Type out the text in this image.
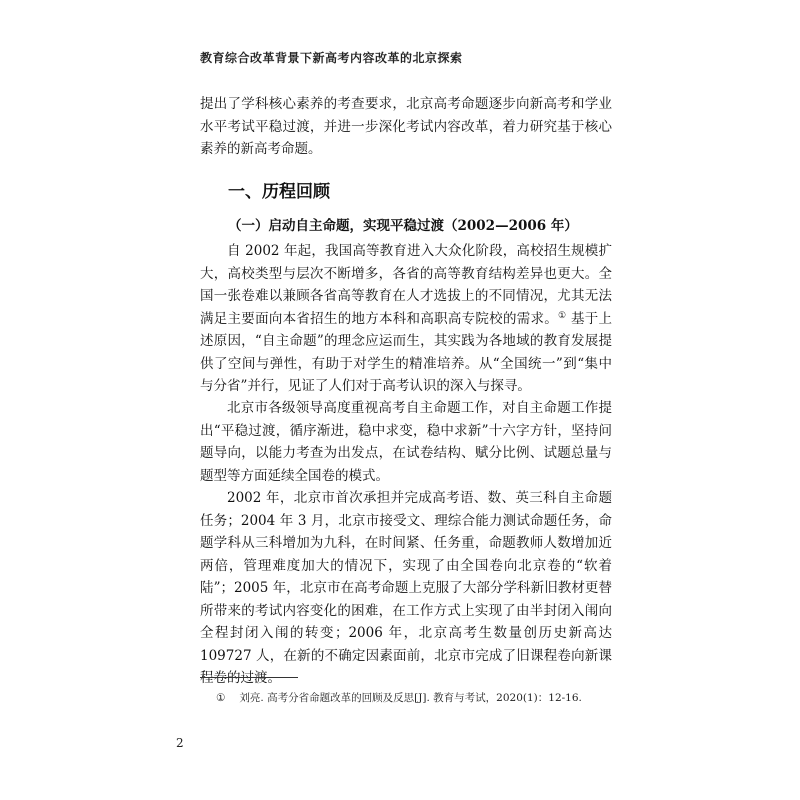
教育综合改革背景下新高考内容改革的北京探索

提出了学科核心素养的考查要求，北京高考命题逐步向新高考和学业水平考试平稳过渡，并进一步深化考试内容改革，着力研究基于核心素养的新高考命题。

一、历程回顾
（一）启动自主命题，实现平稳过渡（2002—2006 年）

自 2002 年起，我国高等教育进入大众化阶段，高校招生规模扩大，高校类型与层次不断增多，各省的高等教育结构差异也更大。全国一张卷难以兼顾各省高等教育在人才选拔上的不同情况，尤其无法满足主要面向本省招生的地方本科和高职高专院校的需求。① 基于上述原因，“自主命题”的理念应运而生，其实践为各地域的教育发展提供了空间与弹性，有助于对学生的精准培养。从“全国统一”到“集中与分省”并行，见证了人们对于高考认识的深入与探寻。

北京市各级领导高度重视高考自主命题工作，对自主命题工作提出“平稳过渡，循序渐进，稳中求变，稳中求新”十六字方针，坚持问题导向，以能力考查为出发点，在试卷结构、赋分比例、试题总量与题型等方面延续全国卷的模式。

2002 年，北京市首次承担并完成高考语、数、英三科自主命题任务；2004 年 3 月，北京市接受文、理综合能力测试命题任务，命题学科从三科增加为九科，在时间紧、任务重，命题教师人数增加近两倍，管理难度加大的情况下，实现了由全国卷向北京卷的“软着陆”；2005 年，北京市在高考命题上克服了大部分学科新旧教材更替所带来的考试内容变化的困难，在工作方式上实现了由半封闭入闱向全程封闭入闱的转变；2006 年，北京高考生数量创历史新高达 109727 人，在新的不确定因素面前，北京市完成了旧课程卷向新课程卷的过渡。

① 刘亮. 高考分省命题改革的回顾及反思[J]. 教育与考试，2020(1)：12-16.
2
